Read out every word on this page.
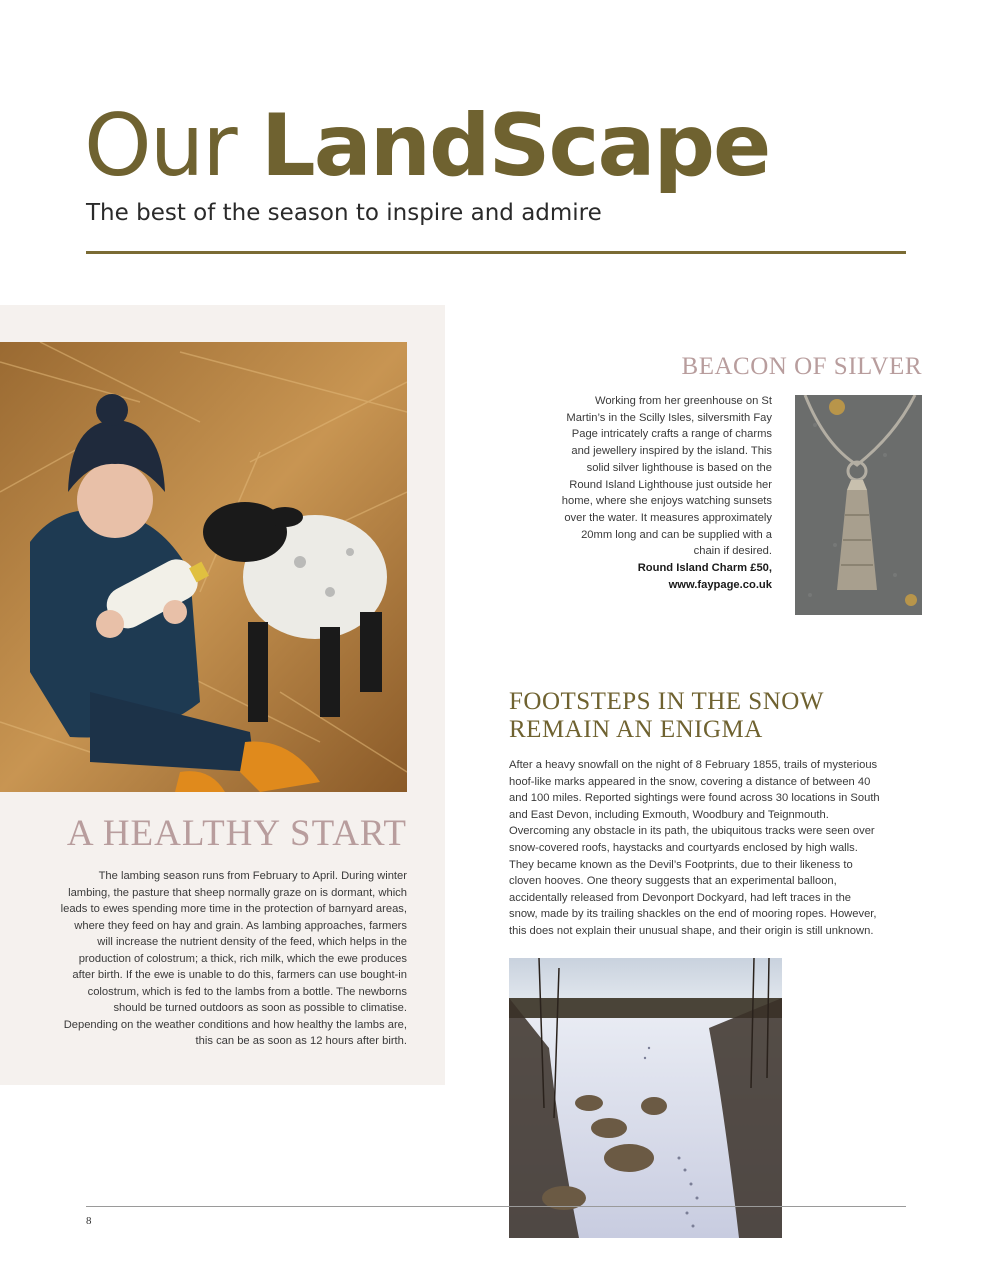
Our LandScape
The best of the season to inspire and admire
A HEALTHY START
The lambing season runs from February to April. During winter lambing, the pasture that sheep normally graze on is dormant, which leads to ewes spending more time in the protection of barnyard areas, where they feed on hay and grain. As lambing approaches, farmers will increase the nutrient density of the feed, which helps in the production of colostrum; a thick, rich milk, which the ewe produces after birth. If the ewe is unable to do this, farmers can use bought-in colostrum, which is fed to the lambs from a bottle. The newborns should be turned outdoors as soon as possible to climatise. Depending on the weather conditions and how healthy the lambs are, this can be as soon as 12 hours after birth.
BEACON OF SILVER
Working from her greenhouse on St Martin’s in the Scilly Isles, silversmith Fay Page intricately crafts a range of charms and jewellery inspired by the island. This solid silver lighthouse is based on the Round Island Lighthouse just outside her home, where she enjoys watching sunsets over the water. It measures approximately 20mm long and can be supplied with a chain if desired.
Round Island Charm £50,
www.faypage.co.uk
FOOTSTEPS IN THE SNOW REMAIN AN ENIGMA
After a heavy snowfall on the night of 8 February 1855, trails of mysterious hoof-like marks appeared in the snow, covering a distance of between 40 and 100 miles. Reported sightings were found across 30 locations in South and East Devon, including Exmouth, Woodbury and Teignmouth. Overcoming any obstacle in its path, the ubiquitous tracks were seen over snow-covered roofs, haystacks and courtyards enclosed by high walls. They became known as the Devil’s Footprints, due to their likeness to cloven hooves. One theory suggests that an experimental balloon, accidentally released from Devonport Dockyard, had left traces in the snow, made by its trailing shackles on the end of mooring ropes. However, this does not explain their unusual shape, and their origin is still unknown.
8
